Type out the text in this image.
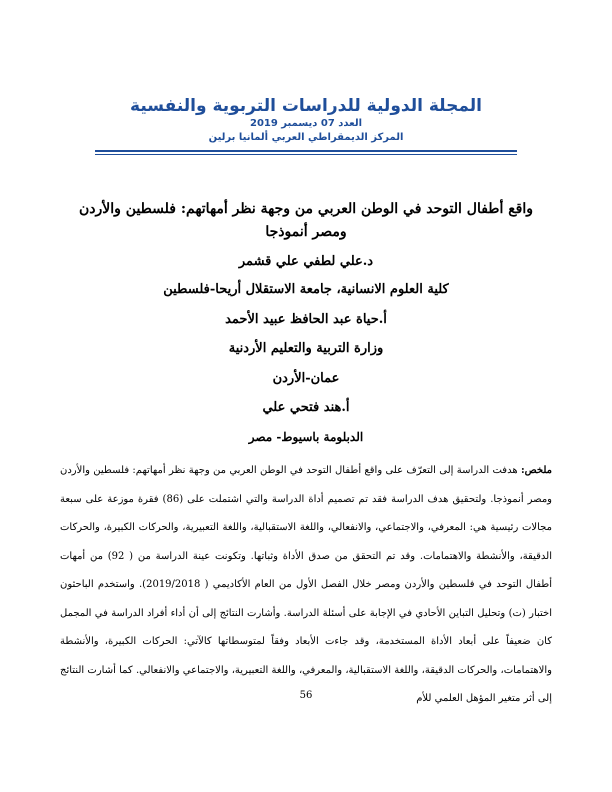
المجلة الدولية للدراسات التربوية والنفسية
العدد 07 ديسمبر 2019
المركز الديمقراطي العربي ألمانيا برلين
واقع أطفال التوحد في الوطن العربي من وجهة نظر أمهاتهم: فلسطين والأردن
ومصر أنموذجا
د.علي لطفي علي قشمر
كلية العلوم الانسانية، جامعة الاستقلال أريحا-فلسطين
أ.حياة عبد الحافظ عبيد الأحمد
وزارة التربية والتعليم الأردنية
عمان-الأردن
أ.هند فتحي علي
الدبلومة باسيوط- مصر
ملخص: هدفت الدراسة إلى التعرّف على واقع أطفال التوحد في الوطن العربي من وجهة نظر أمهاتهم: فلسطين والأردن ومصر أنموذجا. ولتحقيق هدف الدراسة فقد تم تصميم أداة الدراسة والتي اشتملت على (86) فقرة موزعة على سبعة مجالات رئيسية هي: المعرفي، والاجتماعي، والانفعالي، واللغة الاستقبالية، واللغة التعبيرية، والحركات الكبيرة، والحركات الدقيقة، والأنشطة والاهتمامات. وقد تم التحقق من صدق الأداة وثباتها. وتكونت عينة الدراسة من ( 92) من أمهات أطفال التوحد في فلسطين والأردن ومصر خلال الفصل الأول من العام الأكاديمي ( 2019/2018). واستخدم الباحثون اختبار (ت) وتحليل التباين الأحادي في الإجابة على أسئلة الدراسة. وأشارت النتائج إلى أن أداء أفراد الدراسة في المجمل كان ضعيفاً على أبعاد الأداة المستخدمة، وقد جاءت الأبعاد وفقاً لمتوسطاتها كالآتي: الحركات الكبيرة، والأنشطة والاهتمامات، والحركات الدقيقة، واللغة الاستقبالية، والمعرفي، واللغة التعبيرية، والاجتماعي والانفعالي. كما أشارت النتائج إلى أثر متغير المؤهل العلمي للأم
56
